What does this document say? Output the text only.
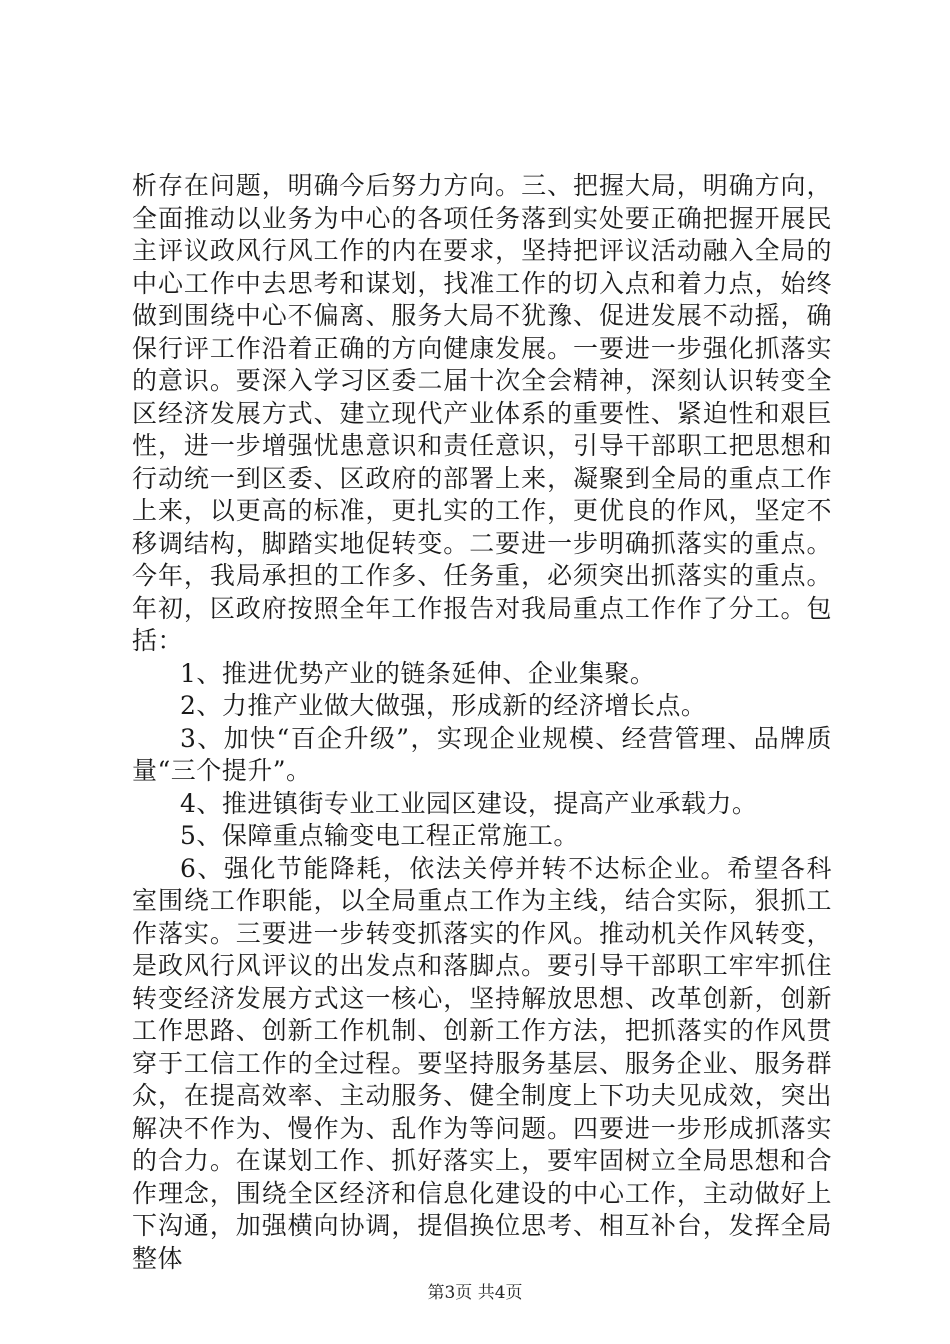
析存在问题，明确今后努力方向。三、把握大局，明确方向，全面推动以业务为中心的各项任务落到实处要正确把握开展民主评议政风行风工作的内在要求，坚持把评议活动融入全局的中心工作中去思考和谋划，找准工作的切入点和着力点，始终做到围绕中心不偏离、服务大局不犹豫、促进发展不动摇，确保行评工作沿着正确的方向健康发展。一要进一步强化抓落实的意识。要深入学习区委二届十次全会精神，深刻认识转变全区经济发展方式、建立现代产业体系的重要性、紧迫性和艰巨性，进一步增强忧患意识和责任意识，引导干部职工把思想和行动统一到区委、区政府的部署上来，凝聚到全局的重点工作上来，以更高的标准，更扎实的工作，更优良的作风，坚定不移调结构，脚踏实地促转变。二要进一步明确抓落实的重点。今年，我局承担的工作多、任务重，必须突出抓落实的重点。年初，区政府按照全年工作报告对我局重点工作作了分工。包括：

1、推进优势产业的链条延伸、企业集聚。

2、力推产业做大做强，形成新的经济增长点。

3、加快“百企升级”，实现企业规模、经营管理、品牌质量“三个提升”。

4、推进镇街专业工业园区建设，提高产业承载力。

5、保障重点输变电工程正常施工。

6、强化节能降耗，依法关停并转不达标企业。希望各科室围绕工作职能，以全局重点工作为主线，结合实际，狠抓工作落实。三要进一步转变抓落实的作风。推动机关作风转变，是政风行风评议的出发点和落脚点。要引导干部职工牢牢抓住转变经济发展方式这一核心，坚持解放思想、改革创新，创新工作思路、创新工作机制、创新工作方法，把抓落实的作风贯穿于工信工作的全过程。要坚持服务基层、服务企业、服务群众，在提高效率、主动服务、健全制度上下功夫见成效，突出解决不作为、慢作为、乱作为等问题。四要进一步形成抓落实的合力。在谋划工作、抓好落实上，要牢固树立全局思想和合作理念，围绕全区经济和信息化建设的中心工作，主动做好上下沟通，加强横向协调，提倡换位思考、相互补台，发挥全局整体

第3页 共4页
